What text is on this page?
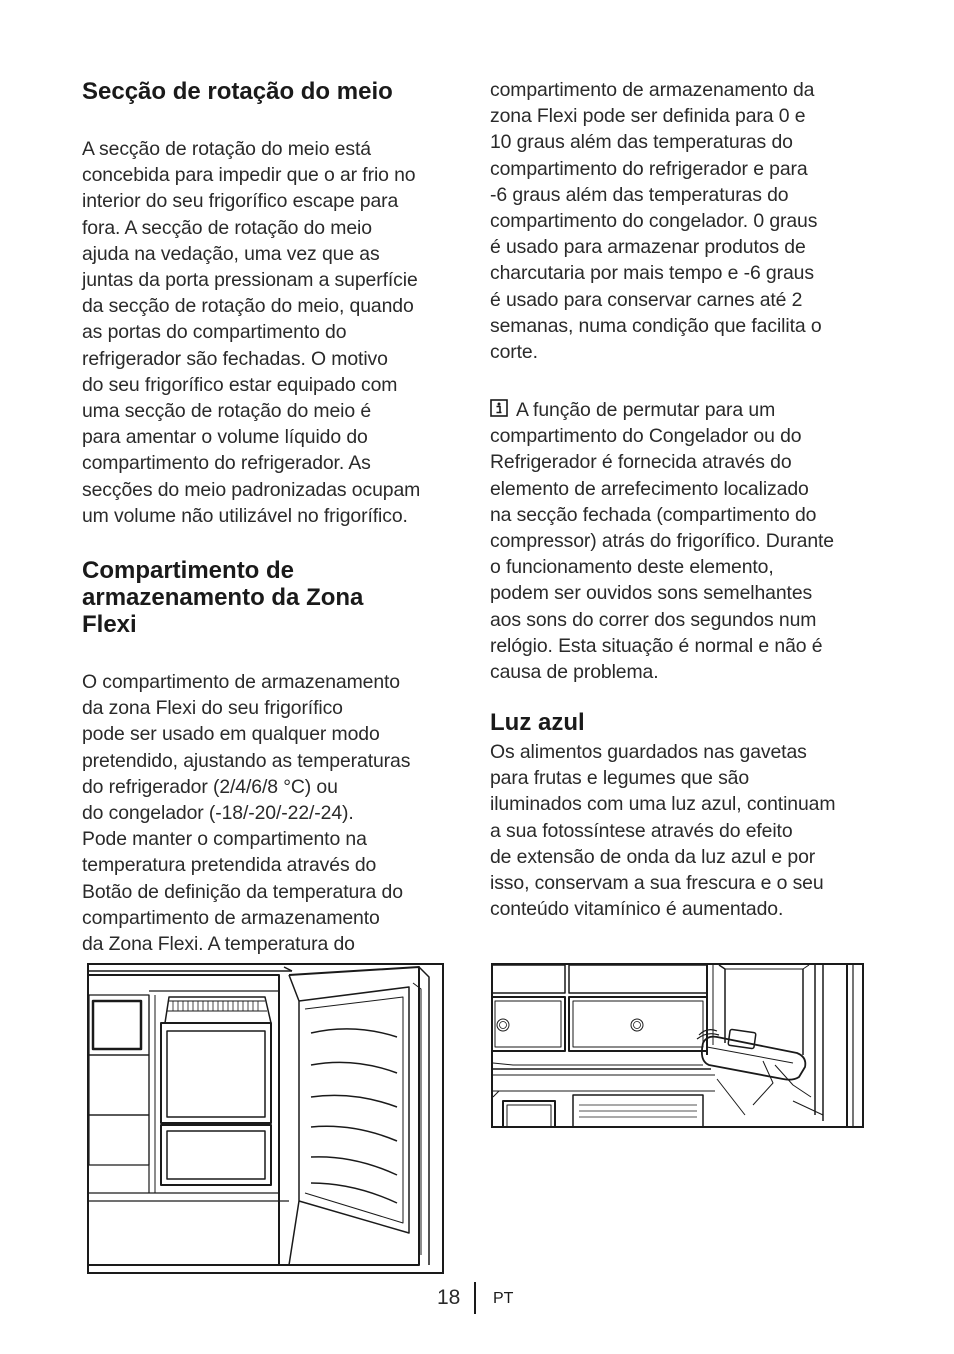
Secção de rotação do meio

A secção de rotação do meio está
concebida para impedir que o ar frio no
interior do seu frigorífico escape para
fora. A secção de rotação do meio
ajuda na vedação, uma vez que as
juntas da porta pressionam a superfície
da secção de rotação do meio, quando
as portas do compartimento do
refrigerador são fechadas. O motivo
do seu frigorífico estar equipado com
uma secção de rotação do meio é
para amentar o volume líquido do
compartimento do refrigerador. As
secções do meio padronizadas ocupam
um volume não utilizável no frigorífico.

Compartimento de
armazenamento da Zona
Flexi

O compartimento de armazenamento
da zona Flexi do seu frigorífico
pode ser usado em qualquer modo
pretendido, ajustando as temperaturas
do refrigerador (2/4/6/8 °C) ou
do congelador (-18/-20/-22/-24).
Pode manter o compartimento na
temperatura pretendida através do
Botão de definição da temperatura do
compartimento de armazenamento
da Zona Flexi. A temperatura do

compartimento de armazenamento da
zona Flexi pode ser definida para 0 e
10 graus além das temperaturas do
compartimento do refrigerador e para
-6 graus além das temperaturas do
compartimento do congelador. 0 graus
é usado para armazenar produtos de
charcutaria por mais tempo e -6 graus
é usado para conservar carnes até 2
semanas, numa condição que facilita o
corte.

A função de permutar para um
compartimento do Congelador ou do
Refrigerador é fornecida através do
elemento de arrefecimento localizado
na secção fechada (compartimento do
compressor) atrás do frigorífico. Durante
o funcionamento deste elemento,
podem ser ouvidos sons semelhantes
aos sons do correr dos segundos num
relógio. Esta situação é normal e não é
causa de problema.

Luz azul

Os alimentos guardados nas gavetas
para frutas e legumes que são
iluminados com uma luz azul, continuam
a sua fotossíntese através do efeito
de extensão de onda da luz azul e por
isso, conservam a sua frescura e o seu
conteúdo vitamínico é aumentado.

18 PT
